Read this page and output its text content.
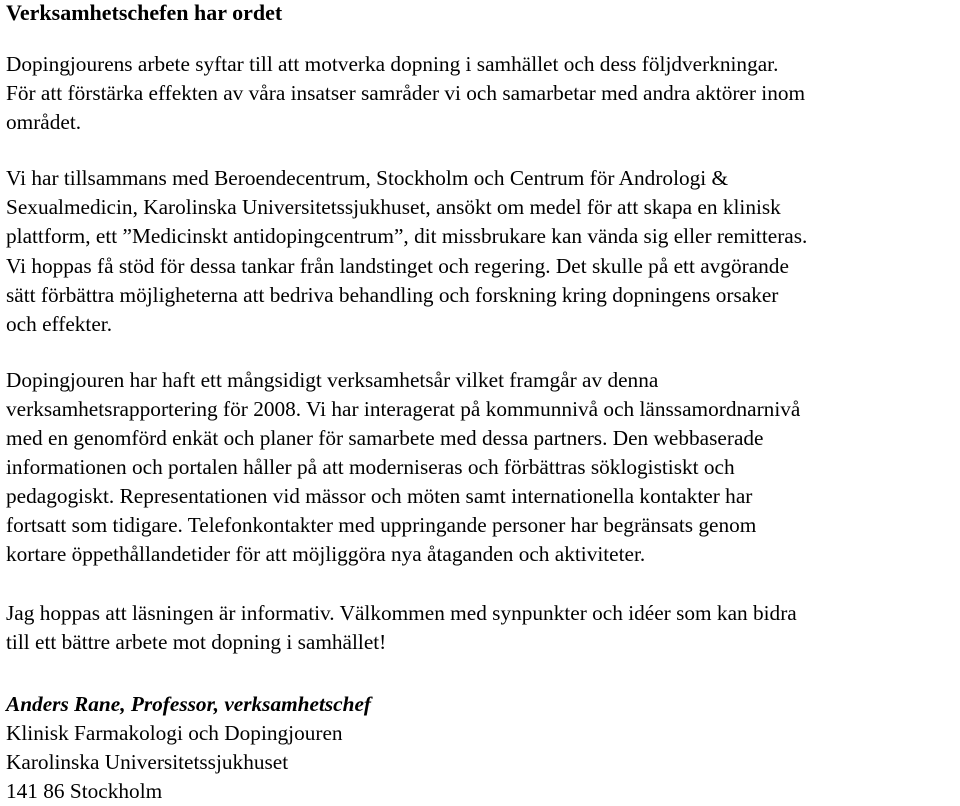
Verksamhetschefen har ordet

Dopingjourens arbete syftar till att motverka dopning i samhället och dess följdverkningar.
För att förstärka effekten av våra insatser samråder vi och samarbetar med andra aktörer inom
området.

Vi har tillsammans med Beroendecentrum, Stockholm och Centrum för Andrologi &
Sexualmedicin, Karolinska Universitetssjukhuset, ansökt om medel för att skapa en klinisk
plattform, ett ”Medicinskt antidopingcentrum”, dit missbrukare kan vända sig eller remitteras.
Vi hoppas få stöd för dessa tankar från landstinget och regering. Det skulle på ett avgörande
sätt förbättra möjligheterna att bedriva behandling och forskning kring dopningens orsaker
och effekter.

Dopingjouren har haft ett mångsidigt verksamhetsår vilket framgår av denna
verksamhetsrapportering för 2008. Vi har interagerat på kommunnivå och länssamordnarnivå
med en genomförd enkät och planer för samarbete med dessa partners. Den webbaserade
informationen och portalen håller på att moderniseras och förbättras söklogistiskt och
pedagogiskt. Representationen vid mässor och möten samt internationella kontakter har
fortsatt som tidigare. Telefonkontakter med uppringande personer har begränsats genom
kortare öppethållandetider för att möjliggöra nya åtaganden och aktiviteter.

Jag hoppas att läsningen är informativ. Välkommen med synpunkter och idéer som kan bidra
till ett bättre arbete mot dopning i samhället!

Anders Rane, Professor, verksamhetschef

Klinisk Farmakologi och Dopingjouren

Karolinska Universitetssjukhuset

141 86 Stockholm
